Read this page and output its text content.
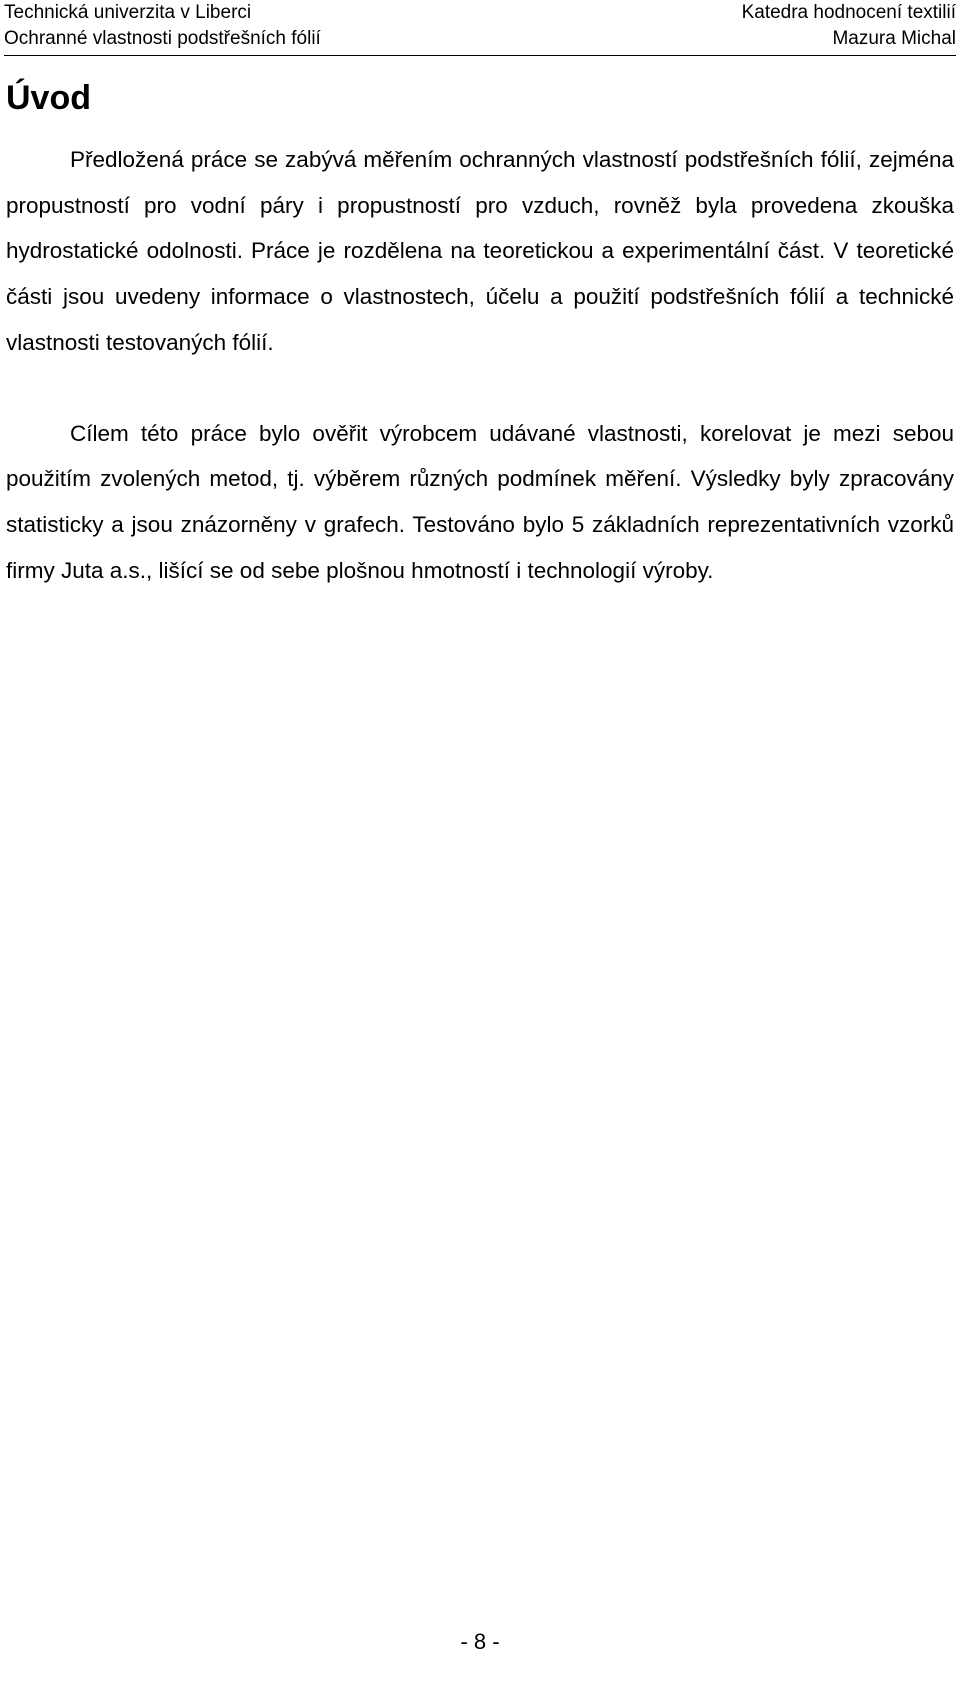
Technická univerzita v Liberci	Katedra hodnocení textilií
Ochranné vlastnosti podstřešních fólií	Mazura Michal
Úvod

Předložená práce se zabývá měřením ochranných vlastností podstřešních fólií, zejména propustností pro vodní páry i propustností pro vzduch, rovněž byla provedena zkouška hydrostatické odolnosti. Práce je rozdělena na teoretickou a experimentální část. V teoretické části jsou uvedeny informace o vlastnostech, účelu a použití podstřešních fólií a technické vlastnosti testovaných fólií.

Cílem této práce bylo ověřit výrobcem udávané vlastnosti, korelovat je mezi sebou použitím zvolených metod, tj. výběrem různých podmínek měření. Výsledky byly zpracovány statisticky a jsou znázorněny v grafech. Testováno bylo 5 základních reprezentativních vzorků firmy Juta a.s., lišící se od sebe plošnou hmotností i technologií výroby.

- 8 -
